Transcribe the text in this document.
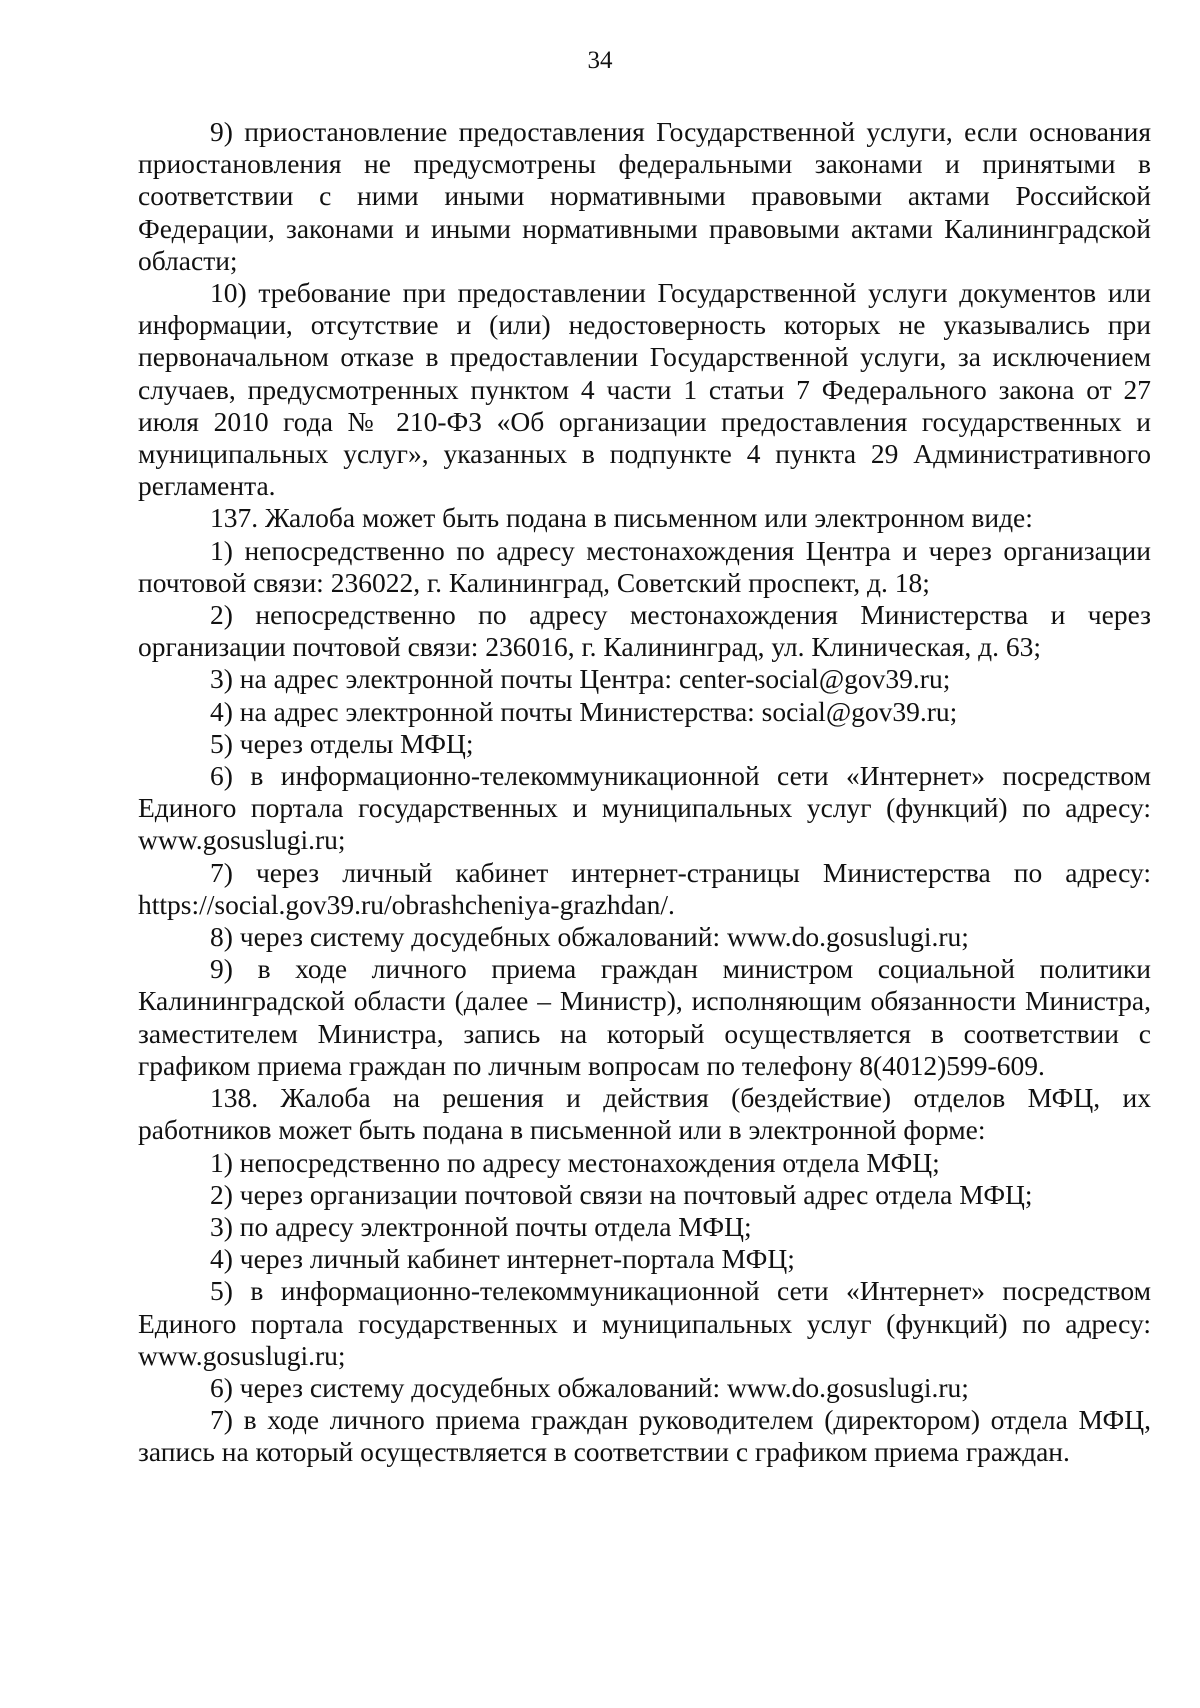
34

9) приостановление предоставления Государственной услуги, если основания приостановления не предусмотрены федеральными законами и принятыми в соответствии с ними иными нормативными правовыми актами Российской Федерации, законами и иными нормативными правовыми актами Калининградской области;

10) требование при предоставлении Государственной услуги документов или информации, отсутствие и (или) недостоверность которых не указывались при первоначальном отказе в предоставлении Государственной услуги, за исключением случаев, предусмотренных пунктом 4 части 1 статьи 7 Федерального закона от 27 июля 2010 года № 210-ФЗ «Об организации предоставления государственных и муниципальных услуг», указанных в подпункте 4 пункта 29 Административного регламента.

137. Жалоба может быть подана в письменном или электронном виде:

1) непосредственно по адресу местонахождения Центра и через организации почтовой связи: 236022, г. Калининград, Советский проспект, д. 18;

2) непосредственно по адресу местонахождения Министерства и через организации почтовой связи: 236016, г. Калининград, ул. Клиническая, д. 63;

3) на адрес электронной почты Центра: center-social@gov39.ru;

4) на адрес электронной почты Министерства: social@gov39.ru;

5) через отделы МФЦ;

6) в информационно-телекоммуникационной сети «Интернет» посредством Единого портала государственных и муниципальных услуг (функций) по адресу: www.gosuslugi.ru;

7) через личный кабинет интернет-страницы Министерства по адресу: https://social.gov39.ru/obrashcheniya-grazhdan/.

8) через систему досудебных обжалований: www.do.gosuslugi.ru;

9) в ходе личного приема граждан министром социальной политики Калининградской области (далее – Министр), исполняющим обязанности Министра, заместителем Министра, запись на который осуществляется в соответствии с графиком приема граждан по личным вопросам по телефону 8(4012)599-609.

138. Жалоба на решения и действия (бездействие) отделов МФЦ, их работников может быть подана в письменной или в электронной форме:

1) непосредственно по адресу местонахождения отдела МФЦ;

2) через организации почтовой связи на почтовый адрес отдела МФЦ;

3) по адресу электронной почты отдела МФЦ;

4) через личный кабинет интернет-портала МФЦ;

5) в информационно-телекоммуникационной сети «Интернет» посредством Единого портала государственных и муниципальных услуг (функций) по адресу: www.gosuslugi.ru;

6) через систему досудебных обжалований: www.do.gosuslugi.ru;

7) в ходе личного приема граждан руководителем (директором) отдела МФЦ, запись на который осуществляется в соответствии с графиком приема граждан.
